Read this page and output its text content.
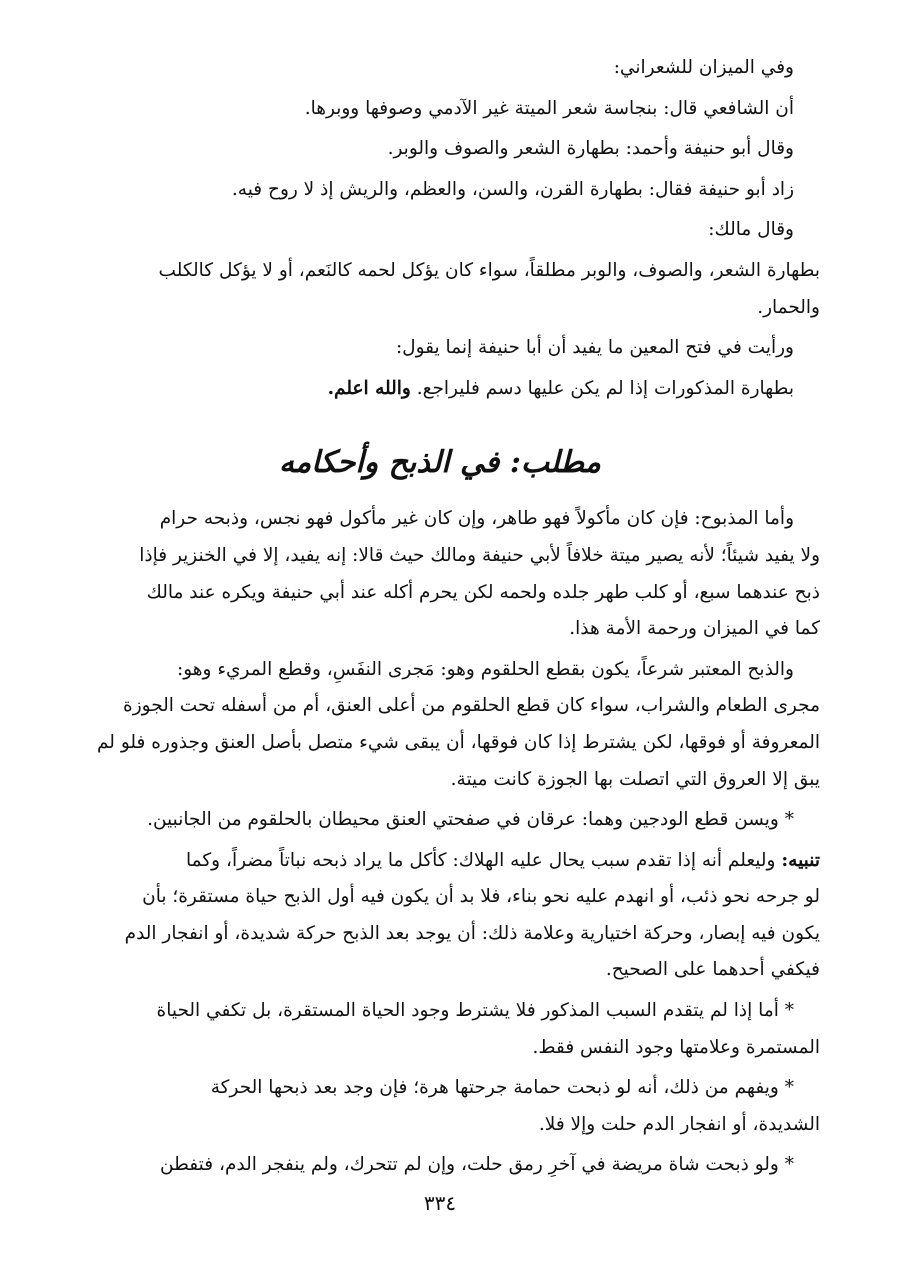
وفي الميزان للشعراني:
أن الشافعي قال: بنجاسة شعر الميتة غير الآدمي وصوفها ووبرها.
وقال أبو حنيفة وأحمد: بطهارة الشعر والصوف والوبر.
زاد أبو حنيفة فقال: بطهارة القرن، والسن، والعظم، والريش إذ لا روح فيه.
وقال مالك:
بطهارة الشعر، والصوف، والوبر مطلقاً، سواء كان يؤكل لحمه كالنَعم، أو لا يؤكل كالكلب
والحمار.
ورأيت في فتح المعين ما يفيد أن أبا حنيفة إنما يقول:
بطهارة المذكورات إذا لم يكن عليها دسم فليراجع. والله اعلم.
مطلب: في الذبح وأحكامه
وأما المذبوح: فإن كان مأكولاً فهو طاهر، وإن كان غير مأكول فهو نجس، وذبحه حرام
ولا يفيد شيئاً؛ لأنه يصير ميتة خلافاً لأبي حنيفة ومالك حيث قالا: إنه يفيد، إلا في الخنزير فإذا
ذبح عندهما سبع، أو كلب طهر جلده ولحمه لكن يحرم أكله عند أبي حنيفة ويكره عند مالك
كما في الميزان ورحمة الأمة هذا.
والذبح المعتبر شرعاً، يكون بقطع الحلقوم وهو: مَجرى النفَسِ، وقطع المريء وهو:
مجرى الطعام والشراب، سواء كان قطع الحلقوم من أعلى العنق، أم من أسفله تحت الجوزة
المعروفة أو فوقها، لكن يشترط إذا كان فوقها، أن يبقى شيء متصل بأصل العنق وجذوره فلو لم
يبق إلا العروق التي اتصلت بها الجوزة كانت ميتة.
* ويسن قطع الودجين وهما: عرقان في صفحتي العنق محيطان بالحلقوم من الجانبين.
تنبيه: وليعلم أنه إذا تقدم سبب يحال عليه الهلاك: كأكل ما يراد ذبحه نباتاً مضراً، وكما
لو جرحه نحو ذئب، أو انهدم عليه نحو بناء، فلا بد أن يكون فيه أول الذبح حياة مستقرة؛ بأن
يكون فيه إبصار، وحركة اختيارية وعلامة ذلك: أن يوجد بعد الذبح حركة شديدة، أو انفجار الدم
فيكفي أحدهما على الصحيح.
* أما إذا لم يتقدم السبب المذكور فلا يشترط وجود الحياة المستقرة، بل تكفي الحياة
المستمرة وعلامتها وجود النفس فقط.
* ويفهم من ذلك، أنه لو ذبحت حمامة جرحتها هرة؛ فإن وجد بعد ذبحها الحركة
الشديدة، أو انفجار الدم حلت وإلا فلا.
* ولو ذبحت شاة مريضة في آخرِ رمق حلت، وإن لم تتحرك، ولم ينفجر الدم، فتفطن
٣٣٤
